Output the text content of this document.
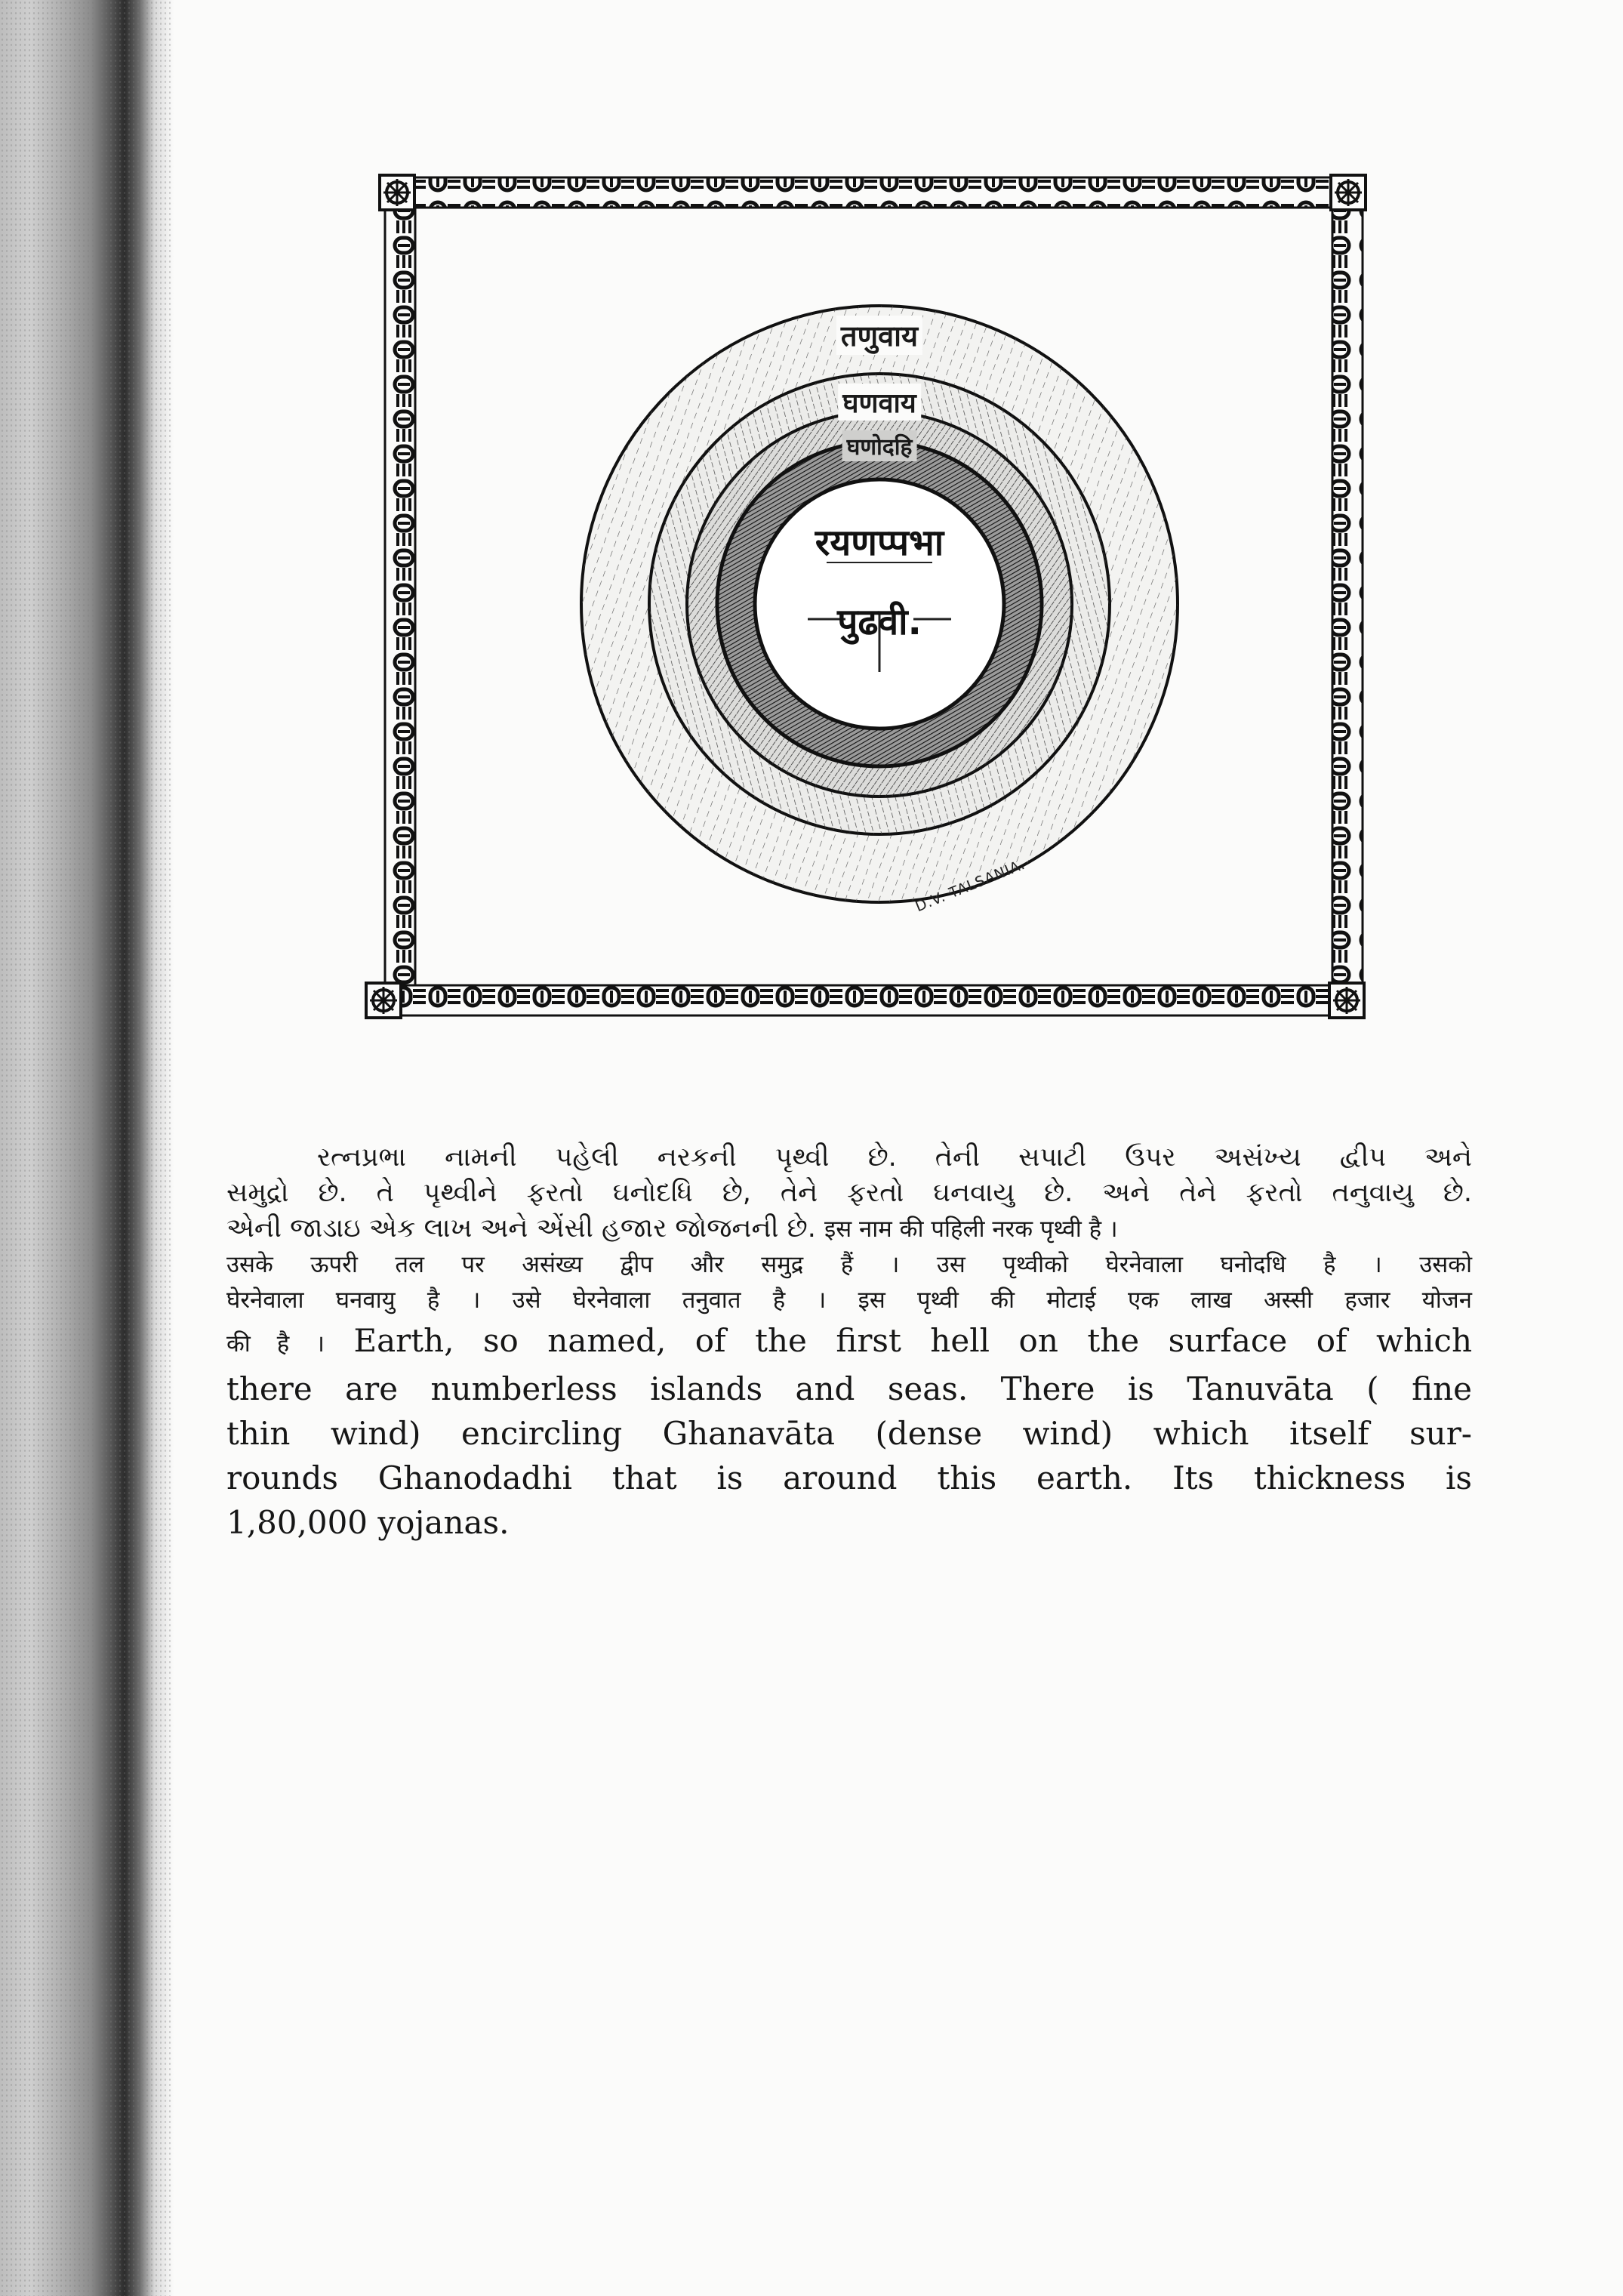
तणुवाय
घणवाय
घणोदहि
रयणप्पभा
पुढवी.
D.V. TALSANIA.

રત્નપ્રભા નામની પહેલી નરકની પૃથ્વી છે. તેની સપાટી ઉપર અસંખ્ય દ્વીપ અને

સમુદ્રો છે. તે પૃથ્વીને ફરતો ઘનોદધિ છે, તેને ફરતો ઘનવાયુ છે. અને તેને ફરતો તનુવાયુ છે.

એની જાડાઇ એક લાખ અને એંસી હજાર જોજનની છે. इस नाम की पहिली नरक पृथ्वी है ।

उसके ऊपरी तल पर असंख्य द्वीप और समुद्र हैं । उस पृथ्वीको घेरनेवाला घनोदधि है । उसको

घेरनेवाला घनवायु है । उसे घेरनेवाला तनुवात है । इस पृथ्वी की मोटाई एक लाख अस्सी हजार योजन

की है । Earth, so named, of the first hell on the surface of which

there are numberless islands and seas. There is Tanuvāta ( fine

thin wind) encircling Ghanavāta (dense wind) which itself sur-

rounds Ghanodadhi that is around this earth. Its thickness is

1,80,000 yojanas.
